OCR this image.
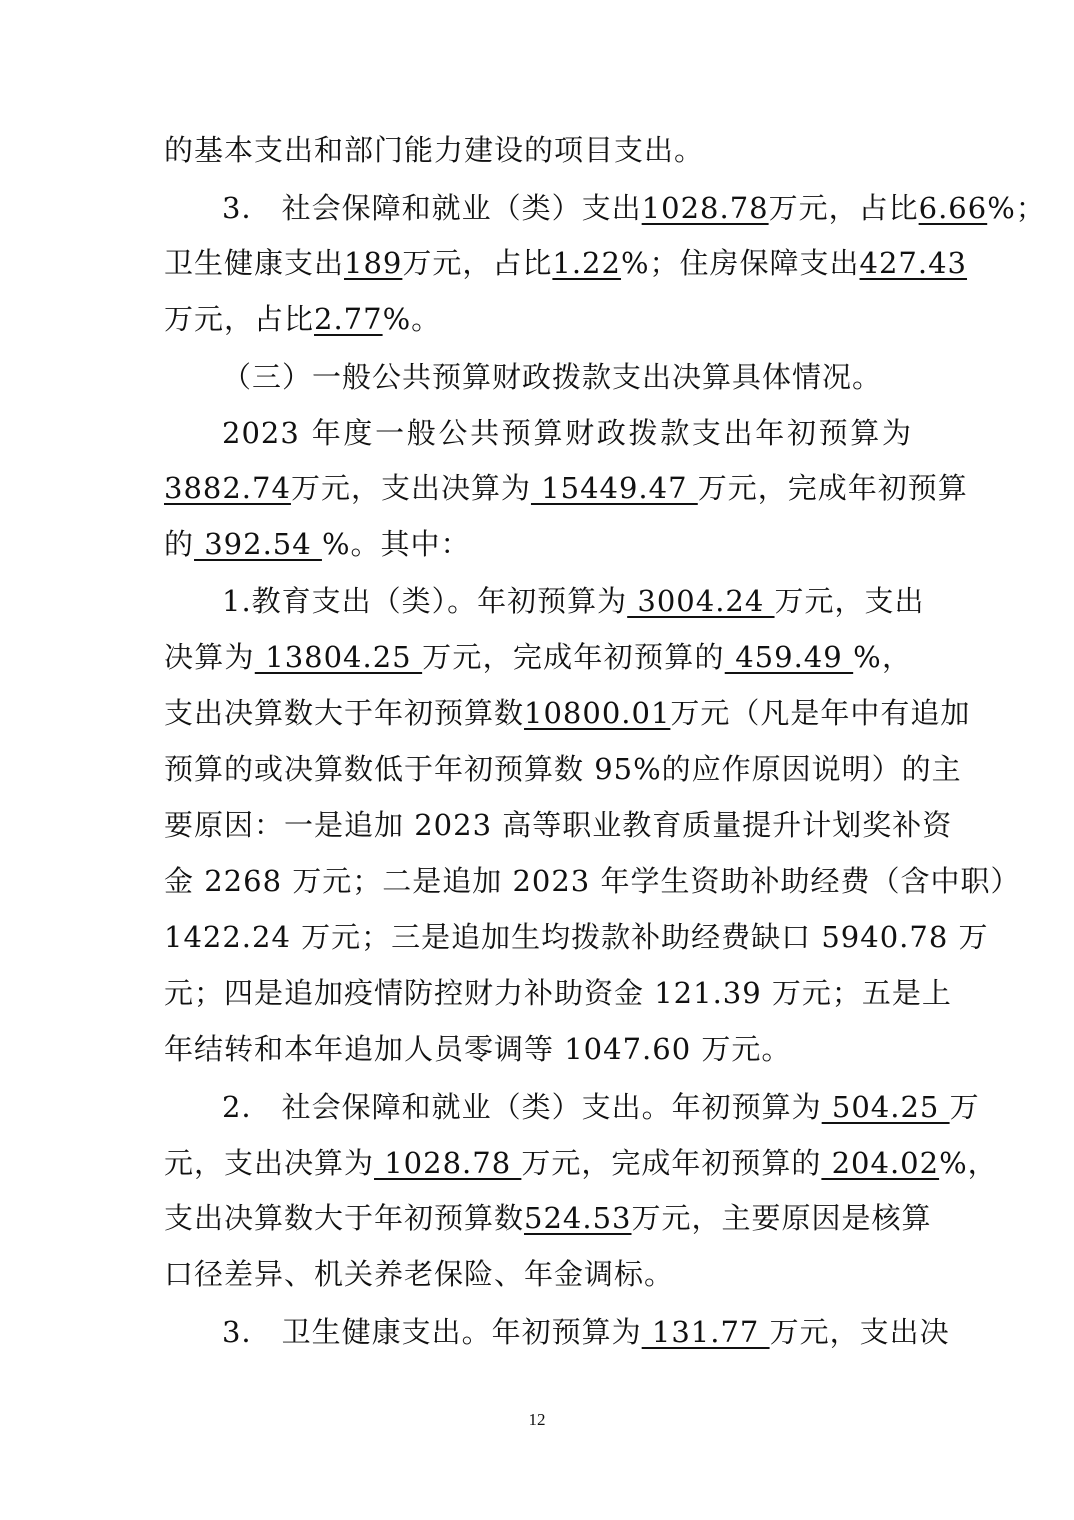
的基本支出和部门能力建设的项目支出。
3． 社会保障和就业（类）支出1028.78万元，占比6.66%；
卫生健康支出189万元，占比1.22%；住房保障支出427.43
万元，占比2.77%。
（三）一般公共预算财政拨款支出决算具体情况。
2023 年度一般公共预算财政拨款支出年初预算为
3882.74万元，支出决算为 15449.47 万元，完成年初预算
的 392.54 %。其中：
1.教育支出（类）。年初预算为 3004.24 万元，支出
决算为 13804.25 万元，完成年初预算的 459.49 %，
支出决算数大于年初预算数10800.01万元（凡是年中有追加
预算的或决算数低于年初预算数 95%的应作原因说明）的主
要原因：一是追加 2023 高等职业教育质量提升计划奖补资
金 2268 万元；二是追加 2023 年学生资助补助经费（含中职）
1422.24 万元；三是追加生均拨款补助经费缺口 5940.78 万
元；四是追加疫情防控财力补助资金 121.39 万元；五是上
年结转和本年追加人员零调等 1047.60 万元。
2． 社会保障和就业（类）支出。年初预算为 504.25 万
元，支出决算为 1028.78 万元，完成年初预算的 204.02%，
支出决算数大于年初预算数524.53万元，主要原因是核算
口径差异、机关养老保险、年金调标。
3． 卫生健康支出。年初预算为 131.77 万元，支出决
12
